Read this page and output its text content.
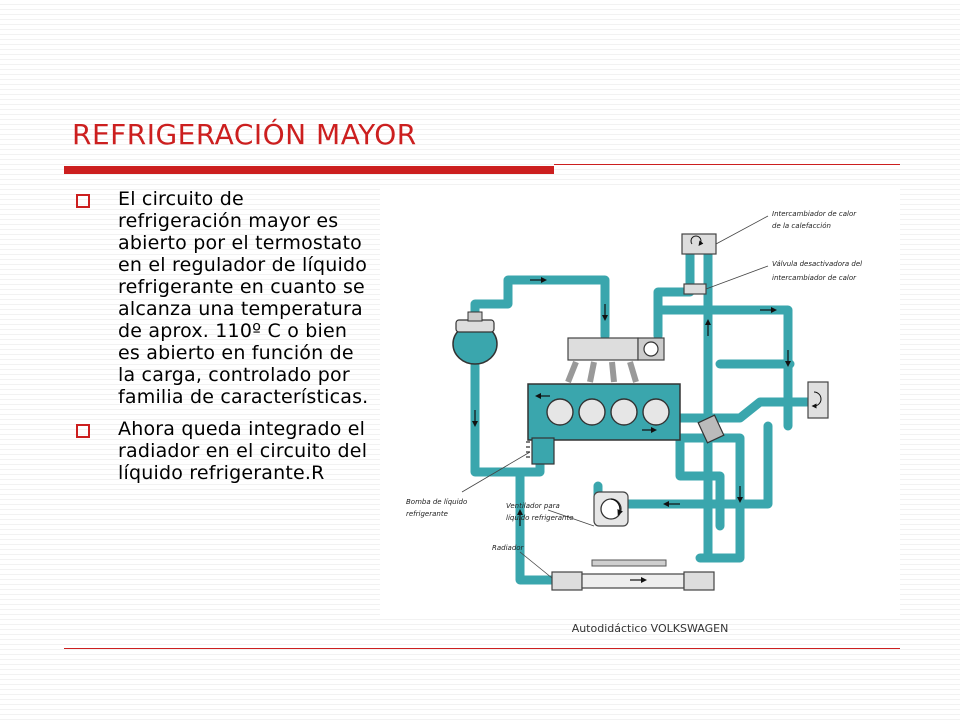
REFRIGERACIÓN MAYOR
El circuito de refrigeración mayor es abierto por el termostato en el regulador de líquido refrigerante en cuanto se alcanza una temperatura de aprox. 110º C o bien es abierto en función de la carga, controlado por familia de características.
Ahora queda integrado el radiador en el circuito del líquido refrigerante.R
Intercambiador de calor
de la calefacción
Válvula desactivadora del
intercambiador de calor
Bomba de líquido
refrigerante
Ventilador para
líquido refrigerante
Radiador
Autodidáctico VOLKSWAGEN
